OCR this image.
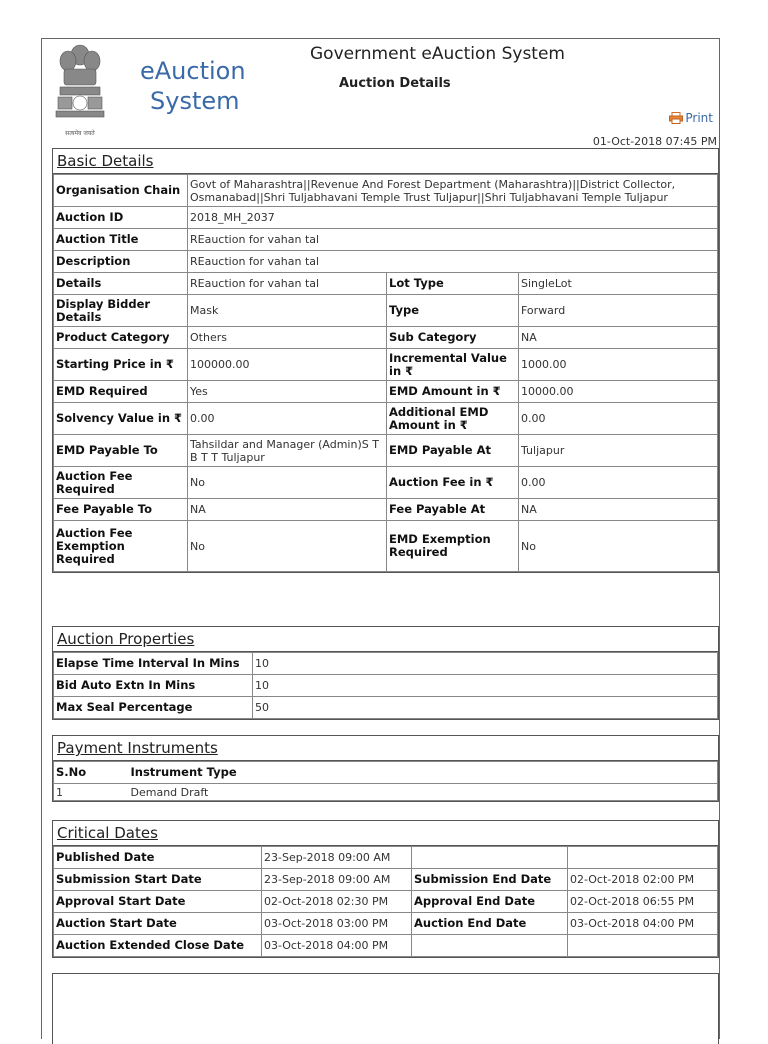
सत्यमेव जयते
eAuction
System
Government eAuction System
Auction Details
Print
01-Oct-2018 07:45 PM
Basic Details
Organisation Chain	Govt of Maharashtra||Revenue And Forest Department (Maharashtra)||District Collector, Osmanabad||Shri Tuljabhavani Temple Trust Tuljapur||Shri Tuljabhavani Temple Tuljapur		
Auction ID	2018_MH_2037		
Auction Title	REauction for vahan tal		
Description	REauction for vahan tal		
Details	REauction for vahan tal	Lot Type	SingleLot
Display Bidder Details	Mask	Type	Forward
Product Category	Others	Sub Category	NA
Starting Price in ₹	100000.00	Incremental Value in ₹	1000.00
EMD Required	Yes	EMD Amount in ₹	10000.00
Solvency Value in ₹	0.00	Additional EMD Amount in ₹	0.00
EMD Payable To	Tahsildar and Manager (Admin)S T B T T Tuljapur	EMD Payable At	Tuljapur
Auction Fee Required	No	Auction Fee in ₹	0.00
Fee Payable To	NA	Fee Payable At	NA
Auction Fee Exemption Required	No	EMD Exemption Required	No
Auction Properties
Elapse Time Interval In Mins	10
Bid Auto Extn In Mins	10
Max Seal Percentage	50
Payment Instruments
S.No	Instrument Type
1	Demand Draft
Critical Dates
Published Date	23-Sep-2018 09:00 AM		
Submission Start Date	23-Sep-2018 09:00 AM	Submission End Date	02-Oct-2018 02:00 PM
Approval Start Date	02-Oct-2018 02:30 PM	Approval End Date	02-Oct-2018 06:55 PM
Auction Start Date	03-Oct-2018 03:00 PM	Auction End Date	03-Oct-2018 04:00 PM
Auction Extended Close Date	03-Oct-2018 04:00 PM		
